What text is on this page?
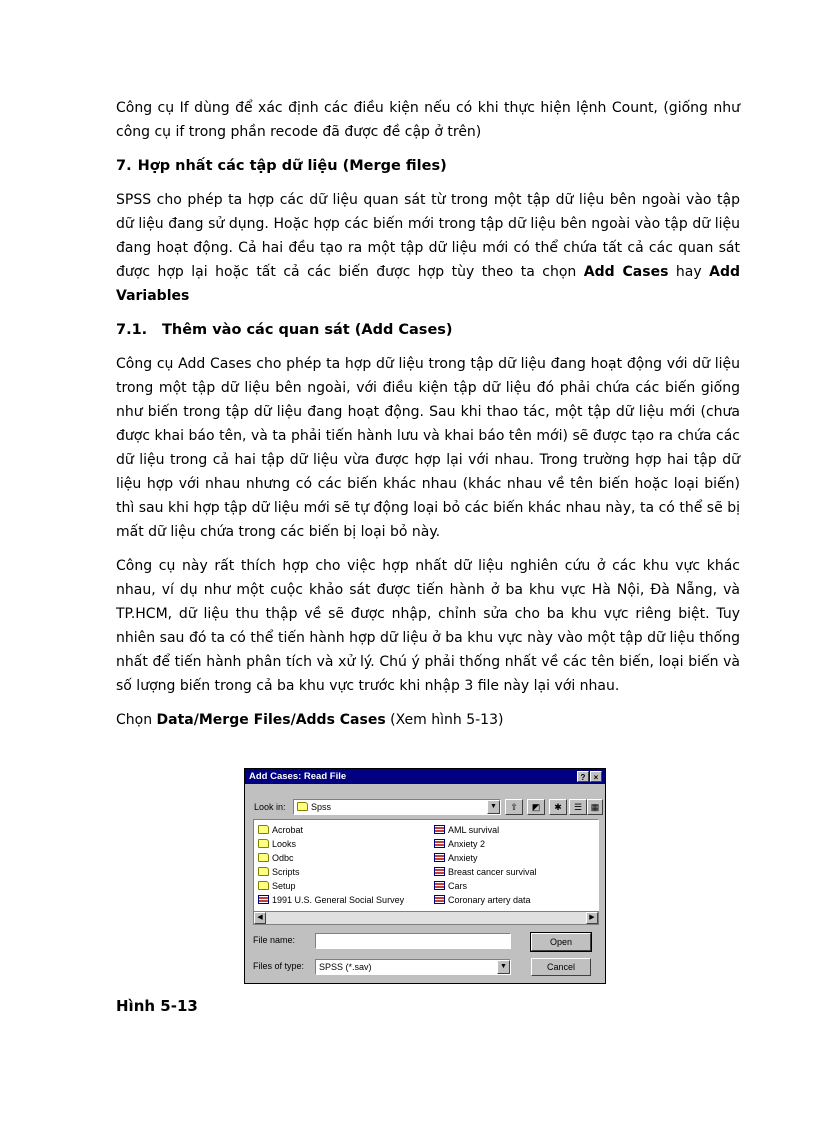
Công cụ If dùng để xác định các điều kiện nếu có khi thực hiện lệnh Count, (giống như công cụ if trong phần recode đã được đề cập ở trên)

7. Hợp nhất các tập dữ liệu (Merge files)

SPSS cho phép ta hợp các dữ liệu quan sát từ trong một tập dữ liệu bên ngoài vào tập dữ liệu đang sử dụng. Hoặc hợp các biến mới trong tập dữ liệu bên ngoài vào tập dữ liệu đang hoạt động. Cả hai đều tạo ra một tập dữ liệu mới có thể chứa tất cả các quan sát được hợp lại hoặc tất cả các biến được hợp tùy theo ta chọn Add Cases hay Add Variables

7.1. Thêm vào các quan sát (Add Cases)

Công cụ Add Cases cho phép ta hợp dữ liệu trong tập dữ liệu đang hoạt động với dữ liệu trong một tập dữ liệu bên ngoài, với điều kiện tập dữ liệu đó phải chứa các biến giống như biến trong tập dữ liệu đang hoạt động. Sau khi thao tác, một tập dữ liệu mới (chưa được khai báo tên, và ta phải tiến hành lưu và khai báo tên mới) sẽ được tạo ra chứa các dữ liệu trong cả hai tập dữ liệu vừa được hợp lại với nhau. Trong trường hợp hai tập dữ liệu hợp với nhau nhưng có các biến khác nhau (khác nhau về tên biến hoặc loại biến) thì sau khi hợp tập dữ liệu mới sẽ tự động loại bỏ các biến khác nhau này, ta có thể sẽ bị mất dữ liệu chứa trong các biến bị loại bỏ này.

Công cụ này rất thích hợp cho việc hợp nhất dữ liệu nghiên cứu ở các khu vực khác nhau, ví dụ như một cuộc khảo sát được tiến hành ở ba khu vực Hà Nội, Đà Nẵng, và TP.HCM, dữ liệu thu thập về sẽ được nhập, chỉnh sửa cho ba khu vực riêng biệt. Tuy nhiên sau đó ta có thể tiến hành hợp dữ liệu ở ba khu vực này vào một tập dữ liệu thống nhất để tiến hành phân tích và xử lý. Chú ý phải thống nhất về các tên biến, loại biến và số lượng biến trong cả ba khu vực trước khi nhập 3 file này lại với nhau.

Chọn Data/Merge Files/Adds Cases (Xem hình 5-13)

Add Cases: Read File	?	×
Look in:	Spss	▼	⇧	◩	✱	☰ ▦
Acrobat
Looks
Odbc
Scripts
Setup
1991 U.S. General Social Survey
AML survival
Anxiety 2
Anxiety
Breast cancer survival
Cars
Coronary artery data
◀	▶
File name:	Open
Files of type:	SPSS (*.sav)	▼	Cancel
Hình 5-13
